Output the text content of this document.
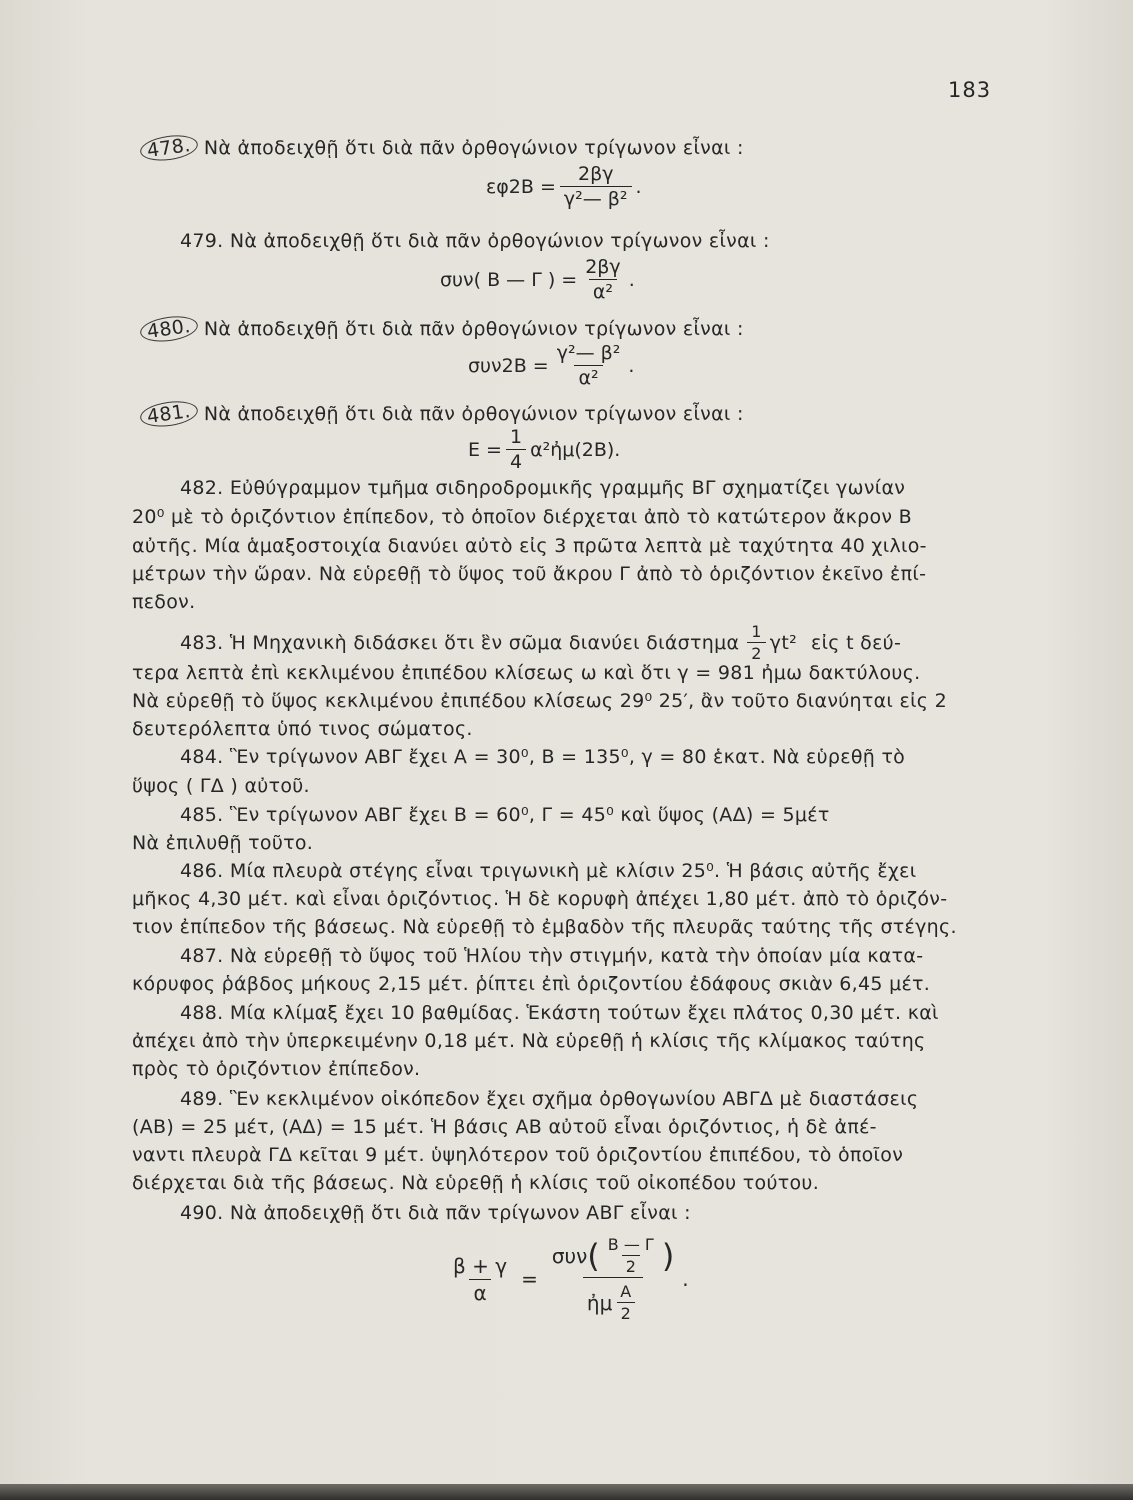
183
478. Νὰ ἀποδειχθῇ ὅτι διὰ πᾶν ὀρθογώνιον τρίγωνον εἶναι :
$\varepsilon\varphi 2B = \frac{2\beta\gamma}{\text{γ²— β²}}$ .
479. Νὰ ἀποδειχθῇ ὅτι διὰ πᾶν ὀρθογώνιον τρίγωνον εἶναι :
συν( Β — Γ ) = $\frac{2\beta\gamma}{\text{α²}}$ .
480. Νὰ ἀποδειχθῇ ὅτι διὰ πᾶν ὀρθογώνιον τρίγωνον εἶναι :
$\sigma\upsilon\nu 2B = \frac{\text{γ²— β²}}{\text{α²}}$ .
481. Νὰ ἀποδειχθῇ ὅτι διὰ πᾶν ὀρθογώνιον τρίγωνον εἶναι :
$E = \frac{1}{4}$ α²ἠμ(2Β).
482. Εὐθύγραμμον τμῆμα σιδηροδρομικῆς γραμμῆς ΒΓ σχηματίζει γωνίαν
20⁰ μὲ τὸ ὁριζόντιον ἐπίπεδον, τὸ ὁποῖον διέρχεται ἀπὸ τὸ κατώτερον ἄκρον Β
αὐτῆς. Μία ἁμαξοστοιχία διανύει αὐτὸ εἰς 3 πρῶτα λεπτὰ μὲ ταχύτητα 40 χιλιο-
μέτρων τὴν ὥραν. Νὰ εὑρεθῇ τὸ ὕψος τοῦ ἄκρου Γ ἀπὸ τὸ ὁριζόντιον ἐκεῖνο ἐπί-
πεδον.
483. Ἡ Μηχανικὴ διδάσκει ὅτι ἓν σῶμα διανύει διάστημα $\frac{1}{2} \gamma t^2$ εἰς t δεύ-
τερα λεπτὰ ἐπὶ κεκλιμένου ἐπιπέδου κλίσεως ω καὶ ὅτι γ = 981 ἠμω δακτύλους.
Νὰ εὑρεθῇ τὸ ὕψος κεκλιμένου ἐπιπέδου κλίσεως 29⁰ 25′, ἂν τοῦτο διανύηται εἰς 2
δευτερόλεπτα ὑπό τινος σώματος.
484. Ἓν τρίγωνον ΑΒΓ ἔχει Α = 30⁰, Β = 135⁰, γ = 80 ἑκατ. Νὰ εὑρεθῇ τὸ
ὕψος ( ΓΔ ) αὐτοῦ.
485. Ἓν τρίγωνον ΑΒΓ ἔχει Β = 60⁰, Γ = 45⁰ καὶ ὕψος (ΑΔ) = 5μέτ
Νὰ ἐπιλυθῇ τοῦτο.
486. Μία πλευρὰ στέγης εἶναι τριγωνικὴ μὲ κλίσιν 25⁰. Ἡ βάσις αὐτῆς ἔχει
μῆκος 4,30 μέτ. καὶ εἶναι ὁριζόντιος. Ἡ δὲ κορυφὴ ἀπέχει 1,80 μέτ. ἀπὸ τὸ ὁριζόν-
τιον ἐπίπεδον τῆς βάσεως. Νὰ εὑρεθῇ τὸ ἐμβαδὸν τῆς πλευρᾶς ταύτης τῆς στέγης.
487. Νὰ εὑρεθῇ τὸ ὕψος τοῦ Ἡλίου τὴν στιγμήν, κατὰ τὴν ὁποίαν μία κατα-
κόρυφος ῥάβδος μήκους 2,15 μέτ. ῥίπτει ἐπὶ ὁριζοντίου ἐδάφους σκιὰν 6,45 μέτ.
488. Μία κλίμαξ ἔχει 10 βαθμίδας. Ἑκάστη τούτων ἔχει πλάτος 0,30 μέτ. καὶ
ἀπέχει ἀπὸ τὴν ὑπερκειμένην 0,18 μέτ. Νὰ εὑρεθῇ ἡ κλίσις τῆς κλίμακος ταύτης
πρὸς τὸ ὁριζόντιον ἐπίπεδον.
489. Ἓν κεκλιμένον οἰκόπεδον ἔχει σχῆμα ὀρθογωνίου ΑΒΓΔ μὲ διαστάσεις
(ΑΒ) = 25 μέτ, (ΑΔ) = 15 μέτ. Ἡ βάσις ΑΒ αὐτοῦ εἶναι ὁριζόντιος, ἡ δὲ ἀπέ-
ναντι πλευρὰ ΓΔ κεῖται 9 μέτ. ὑψηλότερον τοῦ ὁριζοντίου ἐπιπέδου, τὸ ὁποῖον
διέρχεται διὰ τῆς βάσεως. Νὰ εὑρεθῇ ἡ κλίσις τοῦ οἰκοπέδου τούτου.
490. Νὰ ἀποδειχθῇ ὅτι διὰ πᾶν τρίγωνον ΑΒΓ εἶναι :
$\frac{\beta + \gamma}{\alpha} = \frac{\sigma\upsilon\nu ( \frac{B — \Gamma}{2} )}{ἠ\mu \frac{A}{2}}$ .
